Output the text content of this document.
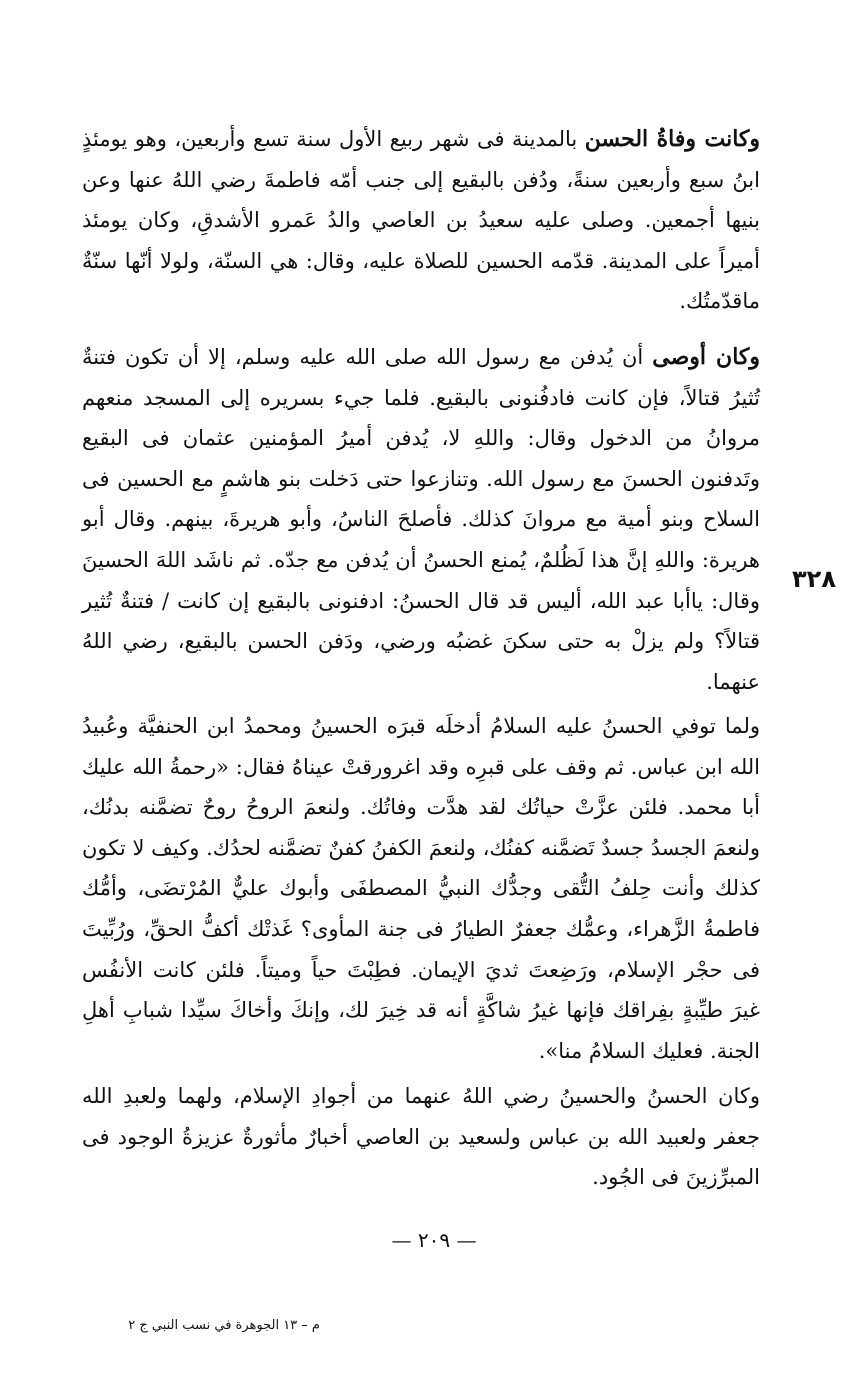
وكانت وفاةُ الحسن بالمدينة فى شهر ربيع الأول سنة تسع وأربعين، وهو يومئذٍ ابنُ سبع وأربعين سنةً، ودُفن بالبقيع إلى جنب أمّه فاطمةَ رضي اللهُ عنها وعن بنيها أجمعين. وصلى عليه سعيدُ بن العاصي والدُ عَمرو الأشدقِ، وكان يومئذ أميراً على المدينة. قدّمه الحسين للصلاة عليه، وقال: هي السنّة، ولولا أنّها سنّةٌ ماقدّمتُك.

وكان أوصى أن يُدفن مع رسول الله صلى الله عليه وسلم، إلا أن تكون فتنةٌ تُثيرُ قتالاً، فإن كانت فادفُنونى بالبقيع. فلما جيء بسريره إلى المسجد منعهم مروانُ من الدخول وقال: واللهِ لا، يُدفن أميرُ المؤمنين عثمان فى البقيع وتَدفنون الحسنَ مع رسول الله. وتنازعوا حتى دَخلت بنو هاشمٍ مع الحسين فى السلاح وبنو أمية مع مروانَ كذلك. فأصلحَ الناسُ، وأبو هريرةَ، بينهم. وقال أبو هريرة: واللهِ إنَّ هذا لَظُلمٌ، يُمنع الحسنُ أن يُدفن مع جدّه. ثم ناشَد اللهَ الحسينَ وقال: ياأبا عبد الله، أليس قد قال الحسنُ: ادفنونى بالبقيع إن كانت / فتنةٌ تُثير قتالاً؟ ولم يزلْ به حتى سكنَ غضبُه ورضي، ودَفن الحسن بالبقيع، رضي اللهُ عنهما.

٣٢٨

ولما توفي الحسنُ عليه السلامُ أدخلَه قبرَه الحسينُ ومحمدُ ابن الحنفيَّة وعُبيدُ الله ابن عباس. ثم وقف على قبرِه وقد اغرورقتْ عيناهُ فقال: «رحمةُ الله عليك أبا محمد. فلئن عزَّتْ حياتُك لقد هدَّت وفاتُك. ولنعمَ الروحُ روحٌ تضمَّنه بدنُك، ولنعمَ الجسدُ جسدٌ تَضمَّنه كفنُك، ولنعمَ الكفنُ كفنٌ تضمَّنه لحدُك. وكيف لا تكون كذلك وأنت حِلفُ التُّقى وجدُّك النبيُّ المصطفَى وأبوك عليٌّ المُرْتضَى، وأمُّك فاطمةُ الزَّهراء، وعمُّك جعفرٌ الطيارُ فى جنة المأوى؟ غَذتْك أكفُّ الحقِّ، ورُبِّيتَ فى حجْر الإسلام، ورَضِعتَ ثديَ الإيمان. فطِبْتَ حياً وميتاً. فلئن كانت الأنفُس غيرَ طيِّبةٍ بفِراقك فإنها غيرُ شاكَّةٍ أنه قد خِيرَ لك، وإنكَ وأخاكَ سيِّدا شبابِ أهلِ الجنة. فعليك السلامُ منا».

وكان الحسنُ والحسينُ رضي اللهُ عنهما من أجوادِ الإسلام، ولهما ولعبدِ الله جعفر ولعبيد الله بن عباس ولسعيد بن العاصي أخبارٌ مأثورةٌ عزيزةُ الوجود فى المبرِّزينَ فى الجُود.

— ٢٠٩ —
م – ١٣ الجوهرة في نسب النبي ج ٢
